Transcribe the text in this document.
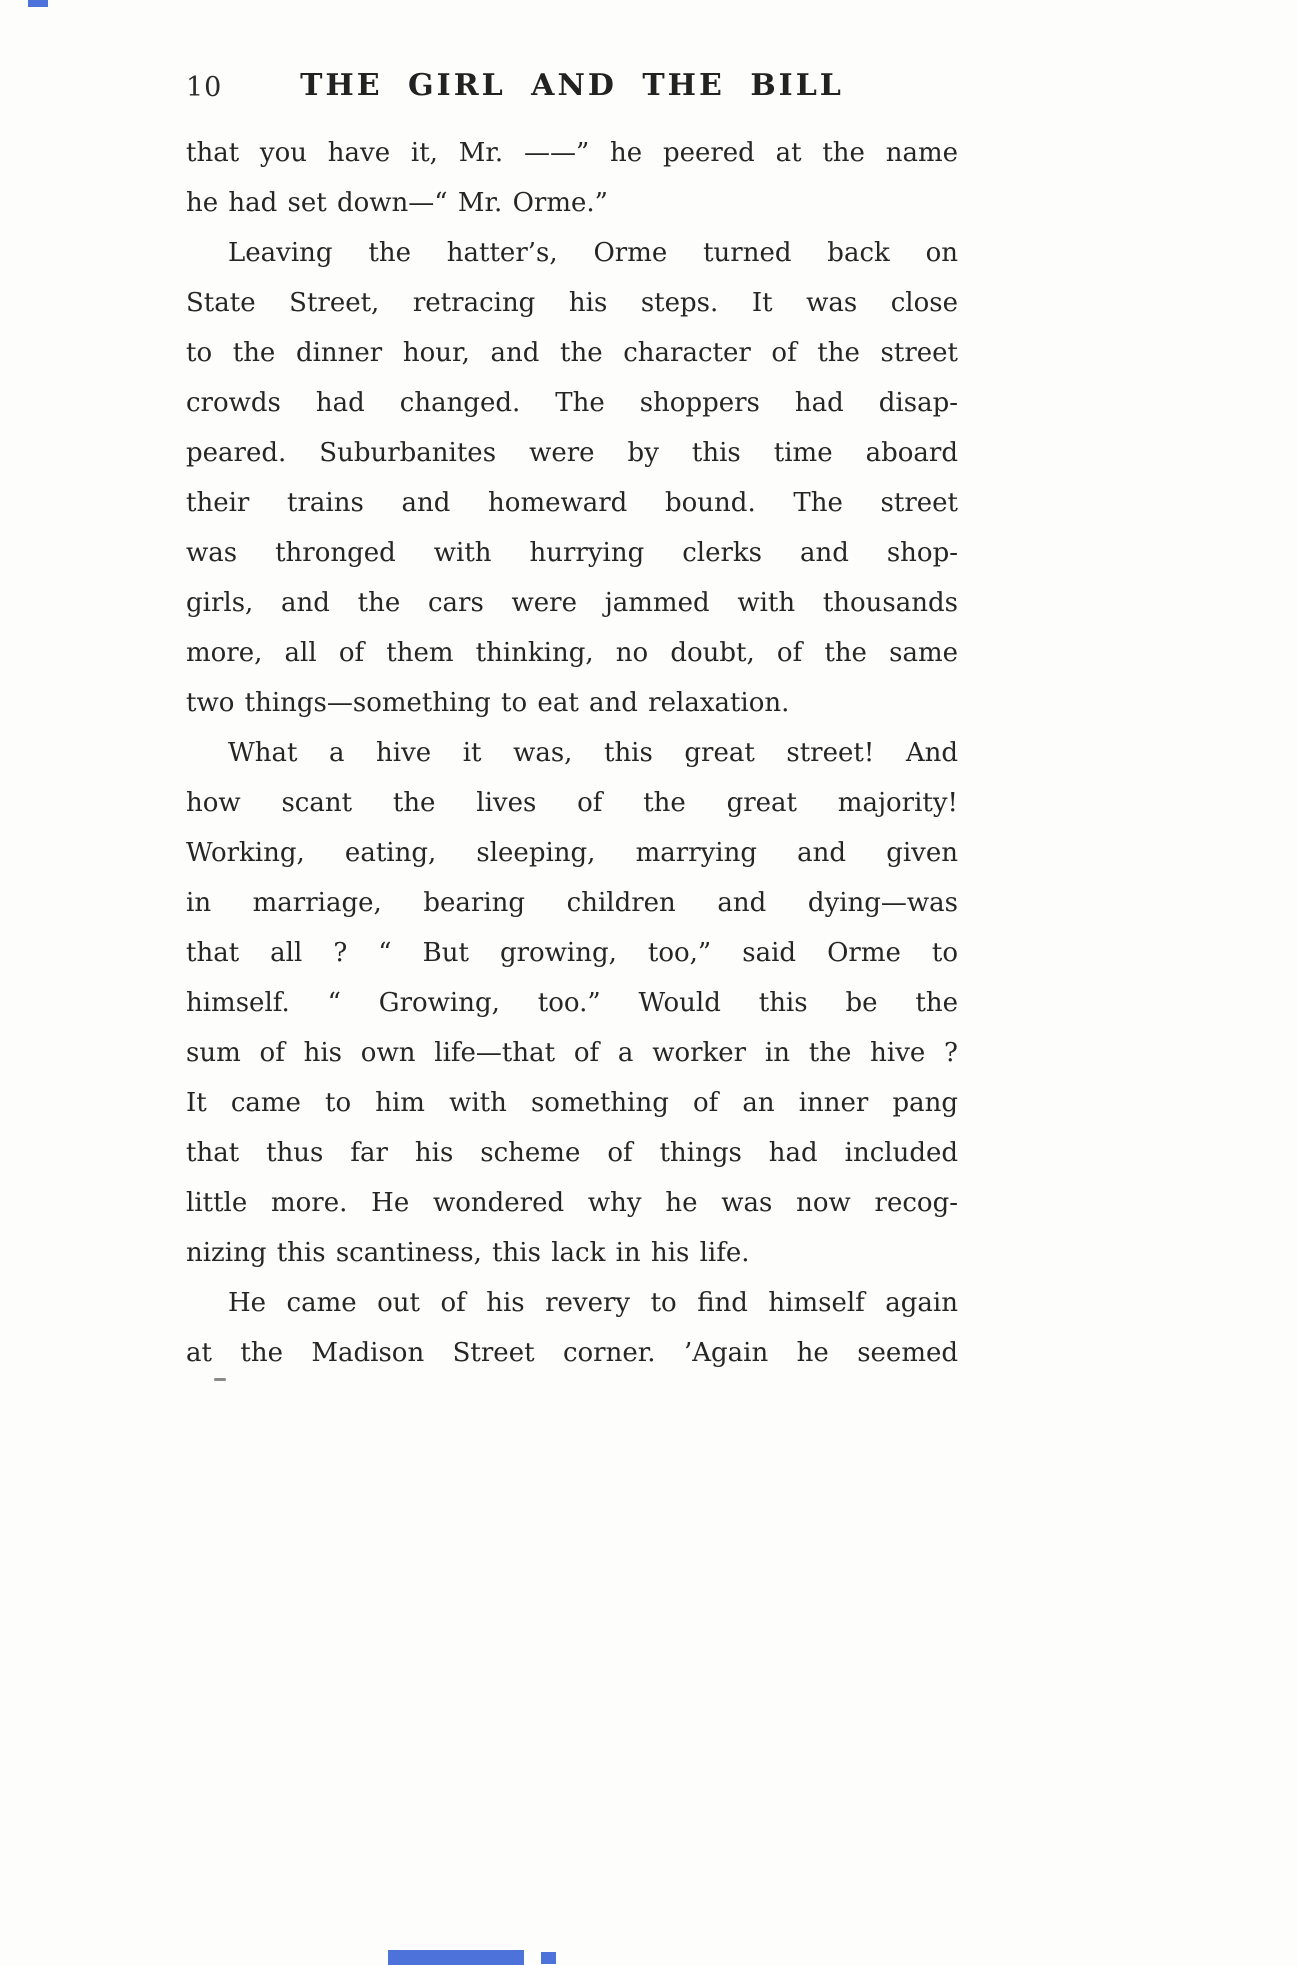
10	THE GIRL AND THE BILL
that you have it, Mr. ——” he peered at the name
he had set down—“ Mr. Orme.”
Leaving the hatter’s, Orme turned back on
State Street, retracing his steps. It was close
to the dinner hour, and the character of the street
crowds had changed. The shoppers had disap-
peared. Suburbanites were by this time aboard
their trains and homeward bound. The street
was thronged with hurrying clerks and shop-
girls, and the cars were jammed with thousands
more, all of them thinking, no doubt, of the same
two things—something to eat and relaxation.
What a hive it was, this great street! And
how scant the lives of the great majority!
Working, eating, sleeping, marrying and given
in marriage, bearing children and dying—was
that all ? “ But growing, too,” said Orme to
himself. “ Growing, too.” Would this be the
sum of his own life—that of a worker in the hive ?
It came to him with something of an inner pang
that thus far his scheme of things had included
little more. He wondered why he was now recog-
nizing this scantiness, this lack in his life.
He came out of his revery to find himself again
at the Madison Street corner. ’Again he seemed
